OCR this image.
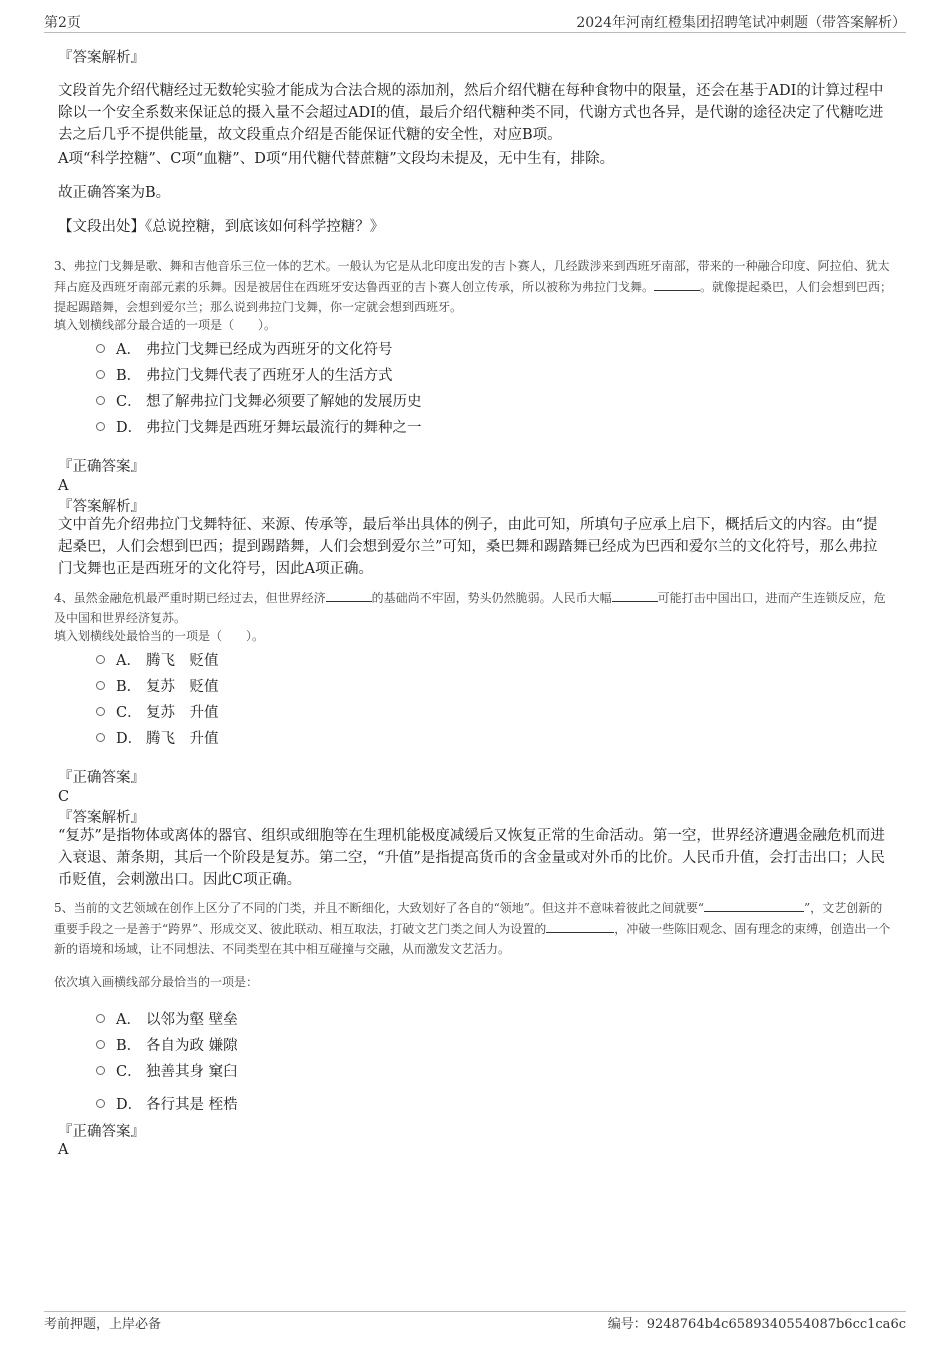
第2页	2024年河南红橙集团招聘笔试冲刺题（带答案解析）
『答案解析』
文段首先介绍代糖经过无数轮实验才能成为合法合规的添加剂，然后介绍代糖在每种食物中的限量，还会在基于ADI的计算过程中除以一个安全系数来保证总的摄入量不会超过ADI的值，最后介绍代糖种类不同，代谢方式也各异，是代谢的途径决定了代糖吃进去之后几乎不提供能量，故文段重点介绍是否能保证代糖的安全性，对应B项。
A项“科学控糖”、C项“血糖”、D项“用代糖代替蔗糖”文段均未提及，无中生有，排除。
故正确答案为B。
【文段出处】《总说控糖，到底该如何科学控糖？》
3、弗拉门戈舞是歌、舞和吉他音乐三位一体的艺术。一般认为它是从北印度出发的吉卜赛人，几经跋涉来到西班牙南部，带来的一种融合印度、阿拉伯、犹太拜占庭及西班牙南部元素的乐舞。因是被居住在西班牙安达鲁西亚的吉卜赛人创立传承，所以被称为弗拉门戈舞。	。就像提起桑巴，人们会想到巴西；提起踢踏舞，会想到爱尔兰；那么说到弗拉门戈舞，你一定就会想到西班牙。
填入划横线部分最合适的一项是（　　）。
A． 弗拉门戈舞已经成为西班牙的文化符号
B． 弗拉门戈舞代表了西班牙人的生活方式
C． 想了解弗拉门戈舞必须要了解她的发展历史
D． 弗拉门戈舞是西班牙舞坛最流行的舞种之一
『正确答案』
A
『答案解析』
文中首先介绍弗拉门戈舞特征、来源、传承等，最后举出具体的例子，由此可知，所填句子应承上启下，概括后文的内容。由“提起桑巴，人们会想到巴西；提到踢踏舞，人们会想到爱尔兰”可知，桑巴舞和踢踏舞已经成为巴西和爱尔兰的文化符号，那么弗拉门戈舞也正是西班牙的文化符号，因此A项正确。
4、虽然金融危机最严重时期已经过去，但世界经济	的基础尚不牢固，势头仍然脆弱。人民币大幅	可能打击中国出口，进而产生连锁反应，危及中国和世界经济复苏。
填入划横线处最恰当的一项是（　　）。
A． 腾飞　贬值
B． 复苏　贬值
C． 复苏　升值
D． 腾飞　升值
『正确答案』
C
『答案解析』
“复苏”是指物体或离体的器官、组织或细胞等在生理机能极度减缓后又恢复正常的生命活动。第一空，世界经济遭遇金融危机而进入衰退、萧条期，其后一个阶段是复苏。第二空，“升值”是指提高货币的含金量或对外币的比价。人民币升值，会打击出口；人民币贬值，会刺激出口。因此C项正确。
5、当前的文艺领域在创作上区分了不同的门类，并且不断细化，大致划好了各自的“领地”。但这并不意味着彼此之间就要“	”，文艺创新的重要手段之一是善于“跨界”、形成交叉、彼此联动、相互取法，打破文艺门类之间人为设置的	，冲破一些陈旧观念、固有理念的束缚，创造出一个新的语境和场域，让不同想法、不同类型在其中相互碰撞与交融，从而激发文艺活力。
依次填入画横线部分最恰当的一项是：
A． 以邻为壑 壁垒
B． 各自为政 嫌隙
C． 独善其身 窠臼
D． 各行其是 桎梏
『正确答案』
A
考前押题，上岸必备	编号：9248764b4c6589340554087b6cc1ca6c
